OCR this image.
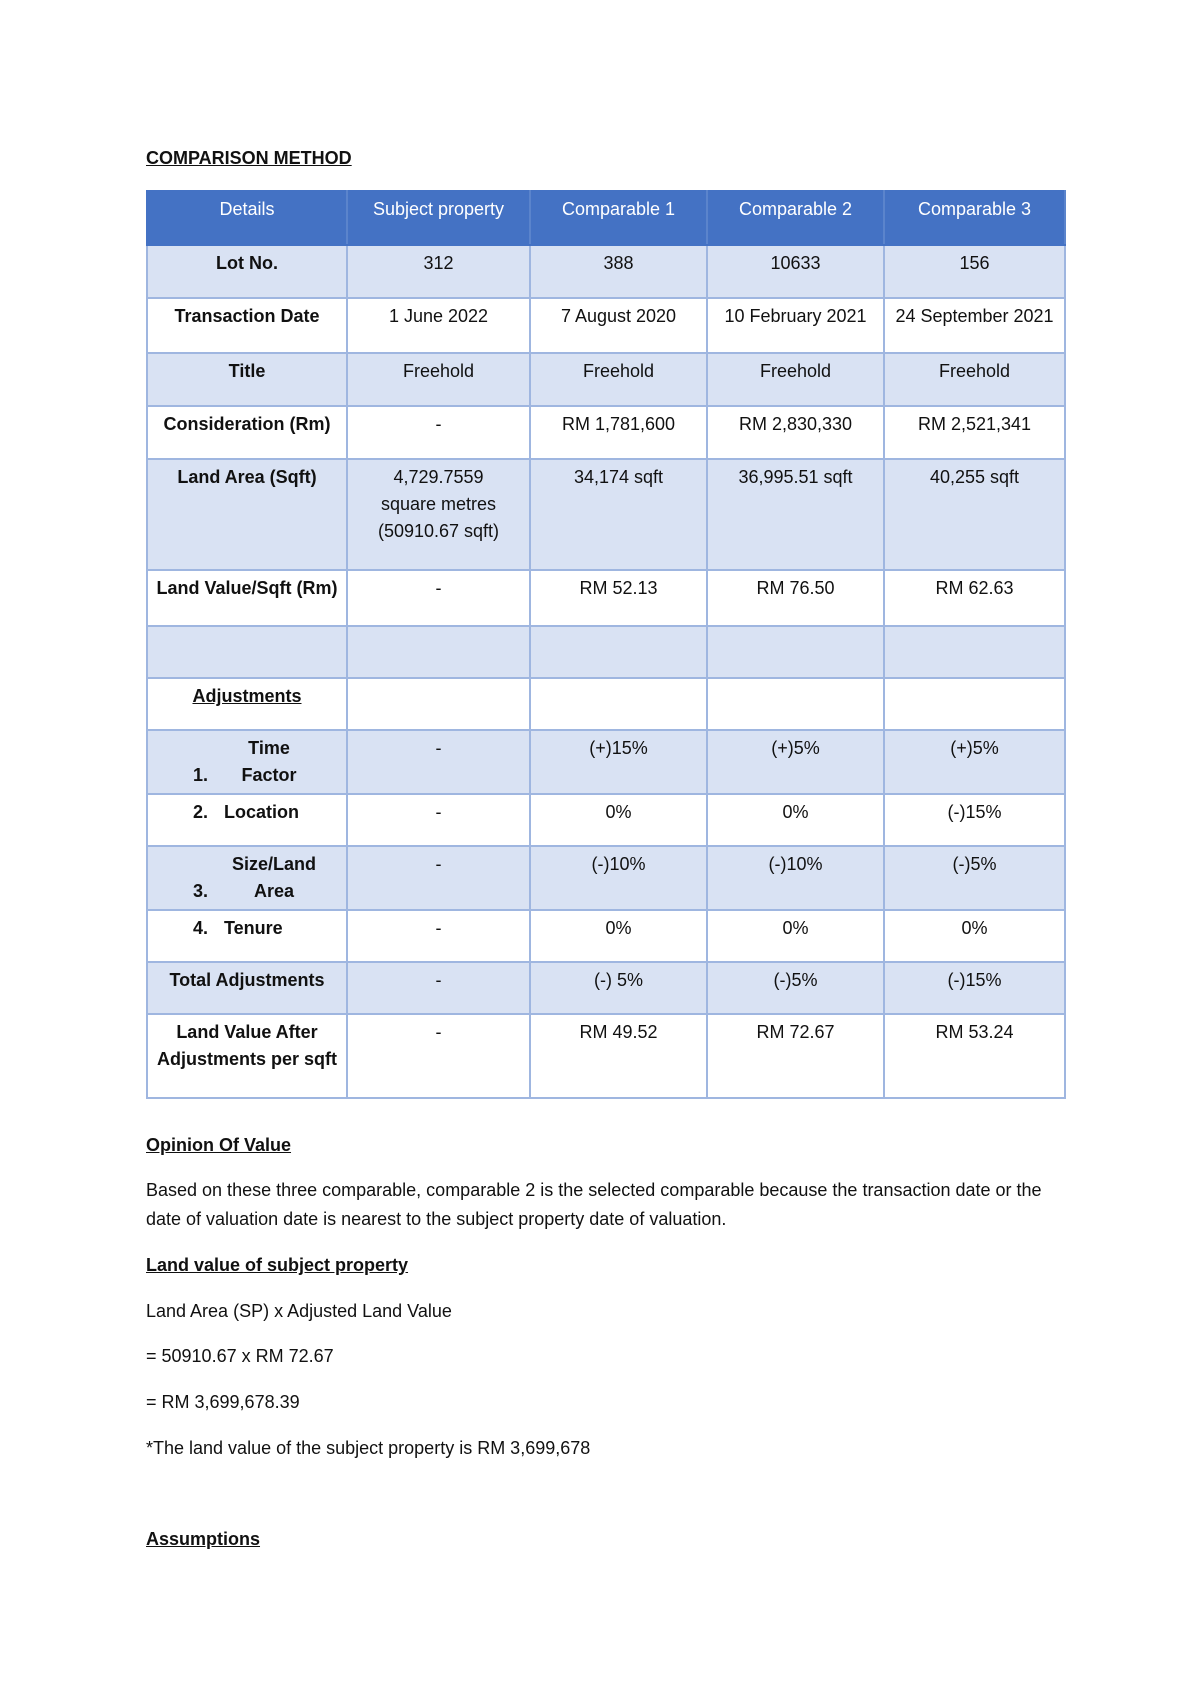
COMPARISON METHOD
Details	Subject property	Comparable 1	Comparable 2	Comparable 3
Lot No.	312	388	10633	156
Transaction Date	1 June 2022	7 August 2020	10 February 2021	24 September 2021
Title	Freehold	Freehold	Freehold	Freehold
Consideration (Rm)	-	RM 1,781,600	RM 2,830,330	RM 2,521,341
Land Area (Sqft)	4,729.7559 square metres (50910.67 sqft)	34,174 sqft	36,995.51 sqft	40,255 sqft
Land Value/Sqft (Rm)	-	RM 52.13	RM 76.50	RM 62.63

Adjustments				
1.Time Factor	-	(+)15%	(+)5%	(+)5%
2. Location	-	0%	0%	(-)15%
3.Size/Land Area	-	(-)10%	(-)10%	(-)5%
4. Tenure	-	0%	0%	0%
Total Adjustments	-	(-) 5%	(-)5%	(-)15%
Land Value After Adjustments per sqft	-	RM 49.52	RM 72.67	RM 53.24
Opinion Of Value
Based on these three comparable, comparable 2 is the selected comparable because the transaction date or the date of valuation date is nearest to the subject property date of valuation.
Land value of subject property
Land Area (SP) x Adjusted Land Value
= 50910.67 x RM 72.67
= RM 3,699,678.39
*The land value of the subject property is RM 3,699,678
Assumptions
